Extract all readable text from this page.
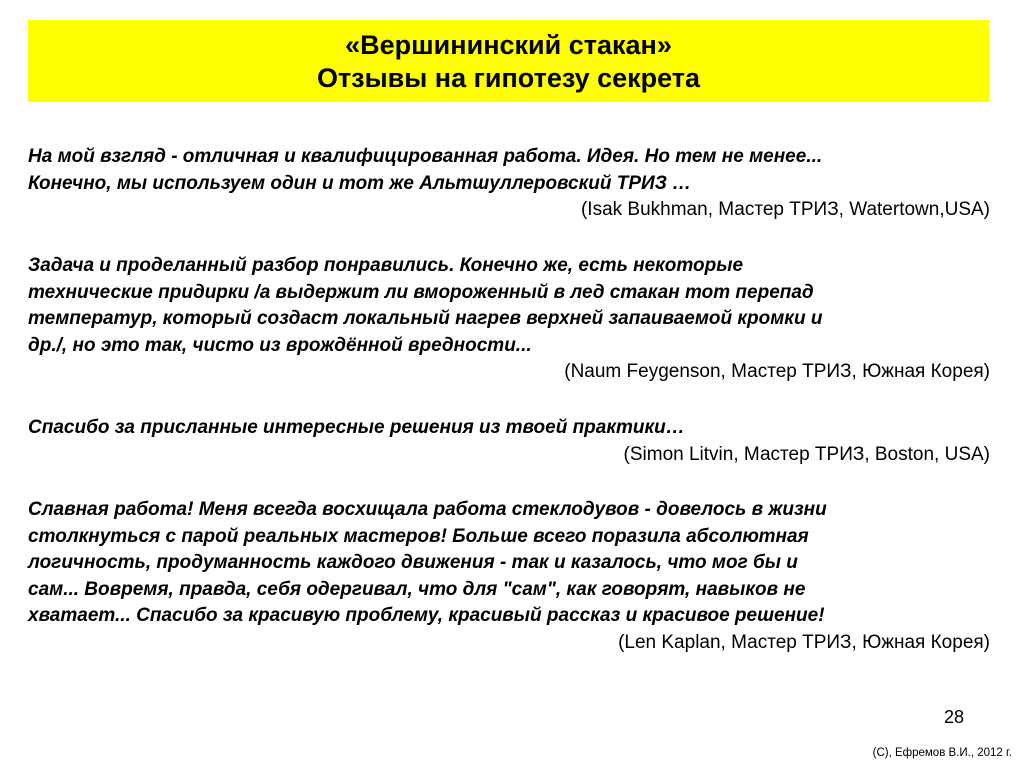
«Вершининский стакан»
Отзывы на гипотезу секрета
На мой взгляд - отличная и квалифицированная работа. Идея. Но тем не менее...
Конечно, мы используем один и тот же Альтшуллеровский ТРИЗ …
(Isak Bukhman, Мастер ТРИЗ, Watertown,USA)
Задача и проделанный разбор понравились. Конечно же, есть некоторые
технические придирки /а выдержит ли вмороженный в лед стакан тот перепад
температур, который создаст локальный нагрев верхней запаиваемой кромки и
др./, но это так, чисто из врождённой вредности...
(Naum Feygenson, Мастер ТРИЗ, Южная Корея)
Спасибо за присланные интересные решения из твоей практики…
(Simon Litvin, Мастер ТРИЗ, Boston, USA)
Славная работа! Меня всегда восхищала работа стеклодувов - довелось в жизни
столкнуться с парой реальных мастеров! Больше всего поразила абсолютная
логичность, продуманность каждого движения - так и казалось, что мог бы и
сам... Вовремя, правда, себя одергивал, что для "сам", как говорят, навыков не
хватает... Спасибо за красивую проблему, красивый рассказ и красивое решение!
(Len Kaplan, Мастер ТРИЗ, Южная Корея)
28
(С), Ефремов В.И., 2012 г.
